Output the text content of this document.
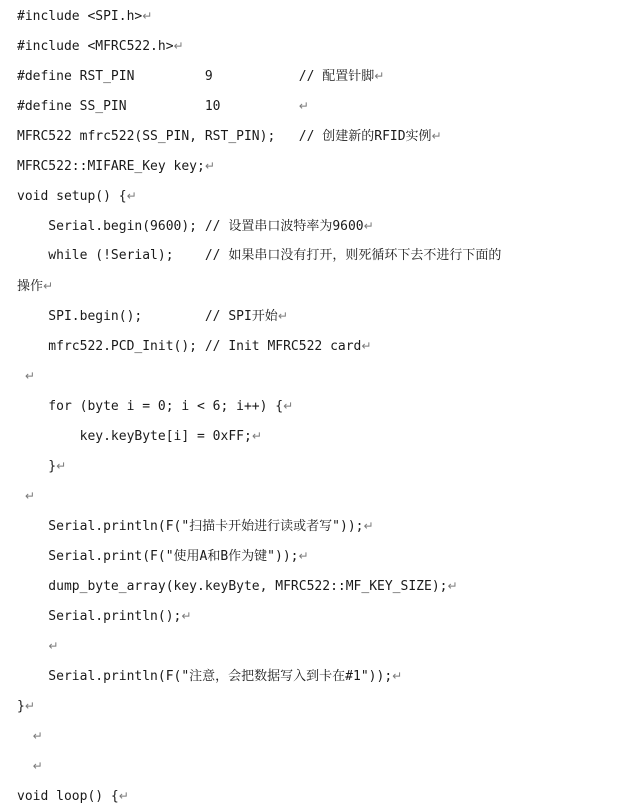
#include <SPI.h>↵
#include <MFRC522.h>↵
#define RST_PIN         9           // 配置针脚↵
#define SS_PIN          10          ↵
MFRC522 mfrc522(SS_PIN, RST_PIN);   // 创建新的RFID实例↵
MFRC522::MIFARE_Key key;↵
void setup() {↵
Serial.begin(9600); // 设置串口波特率为9600↵
while (!Serial);    // 如果串口没有打开，则死循环下去不进行下面的
操作↵
SPI.begin();        // SPI开始↵
mfrc522.PCD_Init(); // Init MFRC522 card↵
↵
for (byte i = 0; i < 6; i++) {↵
key.keyByte[i] = 0xFF;↵
}↵
↵
Serial.println(F("扫描卡开始进行读或者写"));↵
Serial.print(F("使用A和B作为键"));↵
dump_byte_array(key.keyByte, MFRC522::MF_KEY_SIZE);↵
Serial.println();↵
↵
Serial.println(F("注意，会把数据写入到卡在#1"));↵
}↵
↵
↵
void loop() {↵
